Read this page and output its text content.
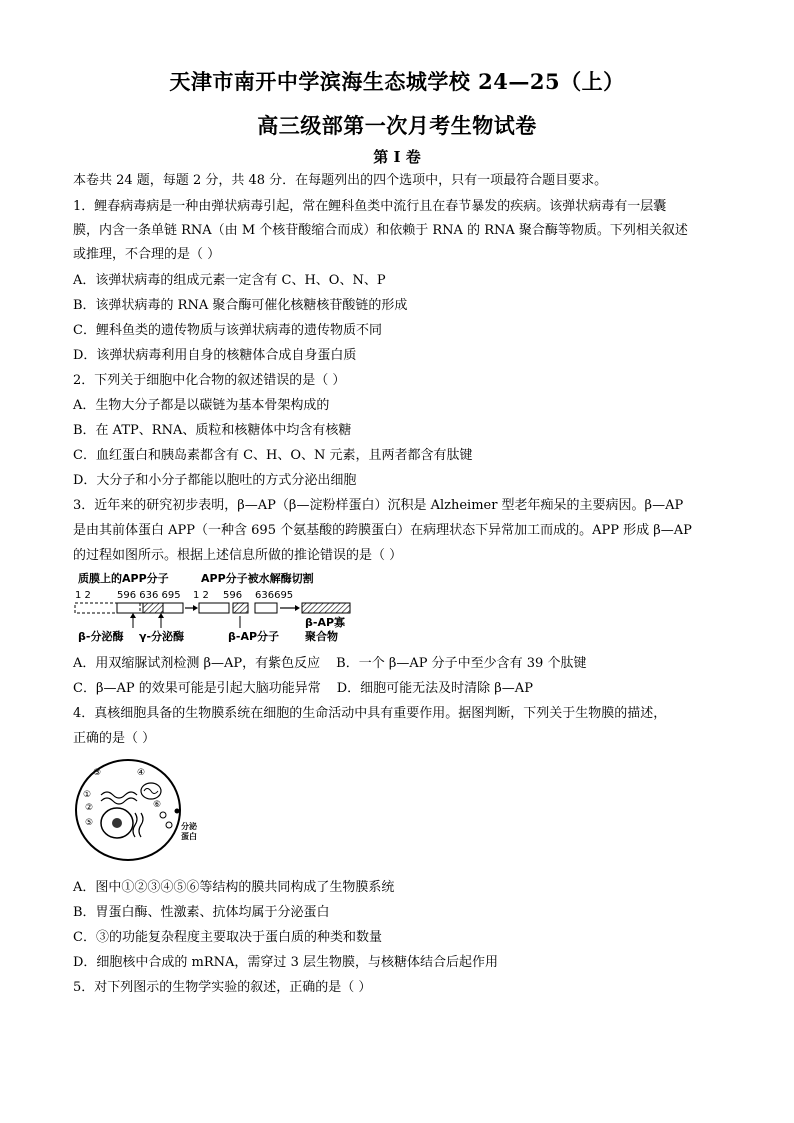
天津市南开中学滨海生态城学校 24—25（上）
高三级部第一次月考生物试卷
第 I 卷
本卷共 24 题，每题 2 分，共 48 分．在每题列出的四个选项中，只有一项最符合题目要求。
1．鲤春病毒病是一种由弹状病毒引起，常在鲤科鱼类中流行且在春节暴发的疾病。该弹状病毒有一层囊
膜，内含一条单链 RNA（由 M 个核苷酸缩合而成）和依赖于 RNA 的 RNA 聚合酶等物质。下列相关叙述
或推理，不合理的是（ ）
A．该弹状病毒的组成元素一定含有 C、H、O、N、P
B．该弹状病毒的 RNA 聚合酶可催化核糖核苷酸链的形成
C．鲤科鱼类的遗传物质与该弹状病毒的遗传物质不同
D．该弹状病毒利用自身的核糖体合成自身蛋白质
2．下列关于细胞中化合物的叙述错误的是（ ）
A．生物大分子都是以碳链为基本骨架构成的
B．在 ATP、RNA、质粒和核糖体中均含有核糖
C．血红蛋白和胰岛素都含有 C、H、O、N 元素，且两者都含有肽键
D．大分子和小分子都能以胞吐的方式分泌出细胞
3．近年来的研究初步表明，β—AP（β—淀粉样蛋白）沉积是 Alzheimer 型老年痴呆的主要病因。β—AP
是由其前体蛋白 APP（一种含 695 个氨基酸的跨膜蛋白）在病理状态下异常加工而成的。APP 形成 β—AP
的过程如图所示。根据上述信息所做的推论错误的是（ ）
质膜上的APP分子	APP分子被水解酶切割
1 2	596 636 695 1 2 596 636695
β-分泌酶 γ-分泌酶	β-AP分子
β-AP寡
聚合物
A．用双缩脲试剂检测 β—AP，有紫色反应 B．一个 β—AP 分子中至少含有 39 个肽键
C．β—AP 的效果可能是引起大脑功能异常 D．细胞可能无法及时清除 β—AP
4．真核细胞具备的生物膜系统在细胞的生命活动中具有重要作用。据图判断，下列关于生物膜的描述，
正确的是（ ）
①
②
③	④
⑤
⑥
分泌
蛋白
A．图中①②③④⑤⑥等结构的膜共同构成了生物膜系统
B．胃蛋白酶、性激素、抗体均属于分泌蛋白
C．③的功能复杂程度主要取决于蛋白质的种类和数量
D．细胞核中合成的 mRNA，需穿过 3 层生物膜，与核糖体结合后起作用
5．对下列图示的生物学实验的叙述，正确的是（ ）
